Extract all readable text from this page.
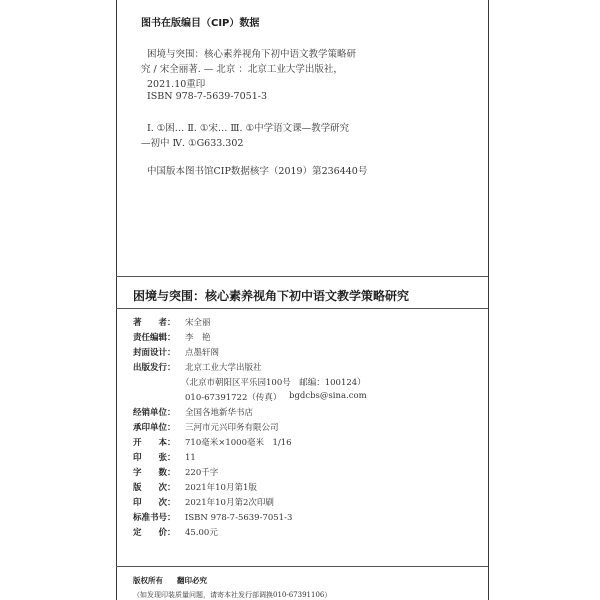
图书在版编目（CIP）数据
困境与突围：核心素养视角下初中语文教学策略研
究 / 宋全丽著. — 北京 ：北京工业大学出版社，
2021.10重印
ISBN 978-7-5639-7051-3
Ⅰ. ①困… Ⅱ. ①宋… Ⅲ. ①中学语文课—教学研究
—初中 Ⅳ. ①G633.302
中国版本图书馆CIP数据核字（2019）第236440号
困境与突围：核心素养视角下初中语文教学策略研究
著　　者： 宋全丽
责任编辑： 李　艳
封面设计： 点墨轩阁
出版发行： 北京工业大学出版社
（北京市朝阳区平乐园100号　邮编：100124）
010-67391722（传真） bgdcbs@sina.com
经销单位： 全国各地新华书店
承印单位： 三河市元兴印务有限公司
开　　本： 710毫米×1000毫米　1/16
印　　张： 11
字　　数： 220千字
版　　次： 2021年10月第1版
印　　次： 2021年10月第2次印刷
标准书号： ISBN 978-7-5639-7051-3
定　　价： 45.00元
版权所有 翻印必究
（如发现印装质量问题，请寄本社发行部调换010-67391106）
